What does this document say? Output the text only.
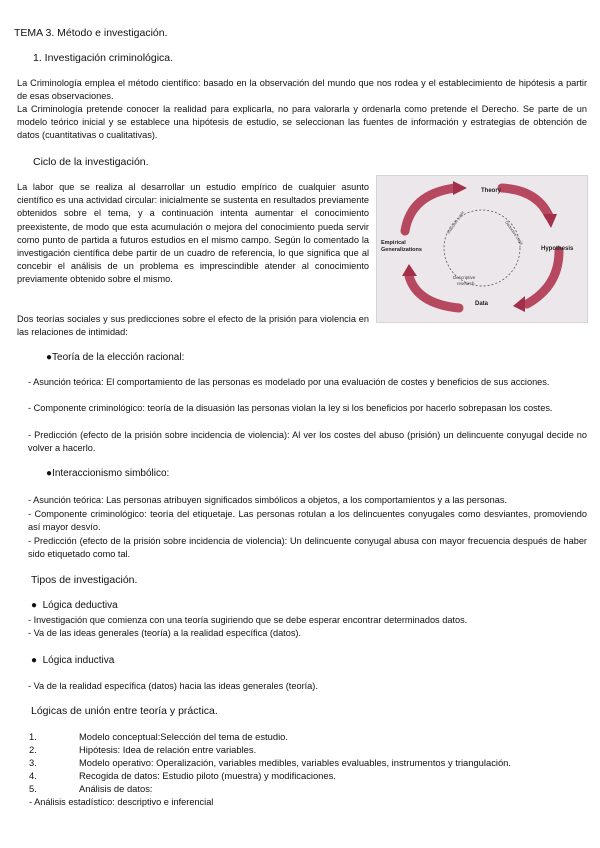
TEMA 3. Método e investigación.
1. Investigación criminológica.
La Criminología emplea el método científico: basado en la observación del mundo que nos rodea y el establecimiento de hipótesis a partir de esas observaciones.
La Criminología pretende conocer la realidad para explicarla, no para valorarla y ordenarla como pretende el Derecho. Se parte de un modelo teórico inicial y se establece una hipótesis de estudio, se seleccionan las fuentes de información y estrategias de obtención de datos (cuantitativas o cualitativas).
Ciclo de la investigación.
La labor que se realiza al desarrollar un estudio empírico de cualquier asunto científico es una actividad circular: inicialmente se sustenta en resultados previamente obtenidos sobre el tema, y a continuación intenta aumentar el conocimiento preexistente, de modo que esta acumulación o mejora del conocimiento pueda servir como punto de partida a futuros estudios en el mismo campo. Según lo comentado la investigación científica debe partir de un cuadro de referencia, lo que significa que al concebir el análisis de un problema es imprescindible atender al conocimiento previamente obtenido sobre el mismo.
Theory
Hypothesis
Data
Empirical
Generalizations
Inductive Logic	Deductive Logic
Descriptive
research
Dos teorías sociales y sus predicciones sobre el efecto de la prisión para violencia en las relaciones de intimidad:
●Teoría de la elección racional:
- Asunción teórica: El comportamiento de las personas es modelado por una evaluación de costes y beneficios de sus acciones.
- Componente criminológico: teoría de la disuasión las personas violan la ley si los beneficios por hacerlo sobrepasan los costes.
- Predicción (efecto de la prisión sobre incidencia de violencia): Al ver los costes del abuso (prisión) un delincuente conyugal decide no volver a hacerlo.
●Interaccionismo simbólico:
- Asunción teórica: Las personas atribuyen significados simbólicos a objetos, a los comportamientos y a las personas.
- Componente criminológico: teoría del etiquetaje. Las personas rotulan a los delincuentes conyugales como desviantes, promoviendo así mayor desvío.
- Predicción (efecto de la prisión sobre incidencia de violencia): Un delincuente conyugal abusa con mayor frecuencia después de haber sido etiquetado como tal.
Tipos de investigación.
● Lógica deductiva
- Investigación que comienza con una teoría sugiriendo que se debe esperar encontrar determinados datos.
- Va de las ideas generales (teoría) a la realidad específica (datos).
● Lógica inductiva
- Va de la realidad específica (datos) hacia las ideas generales (teoría).
Lógicas de unión entre teoría y práctica.
1.	Modelo conceptual:Selección del tema de estudio.
2.	Hipótesis: Idea de relación entre variables.
3.	Modelo operativo: Operalización, variables medibles, variables evaluables, instrumentos y triangulación.
4.	Recogida de datos: Estudio piloto (muestra) y modificaciones.
5.	Análisis de datos:
- Análisis estadístico: descriptivo e inferencial
